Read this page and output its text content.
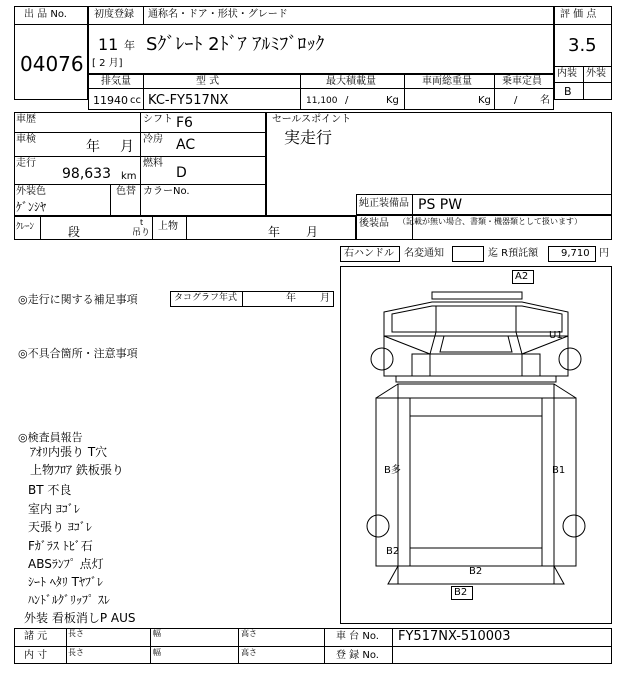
出 品 No.
04076
初度登録 通称名・ドア・形状・グレード
11 年
[ 2 月]
Sｸﾞﾚｰﾄ 2ﾄﾞｱ ｱﾙﾐﾌﾞﾛｯｸ
評 価 点
3.5
内装 外装
B
排気量	型 式	最大積載量	車両総重量	乗車定員
11940 cc KC-FY517NX	11,100 /	Kg	Kg / 名
車歴
車検	年 月
走行
98,633 km
シフト F6
冷房 AC
燃料
D
外装色
ｹﾞﾝｼﾔ
色替 カラーNo.
セールスポイント
実走行
純正装備品 PS PW
後装品 （記載が無い場合、書類・機器類として扱います）
ｸﾚｰﾝ	段
t
吊り
上物	年 月
右ハンドル 名変通知	迄 R預託額 9,710 円
◎走行に関する補足事項	タコグラフ年式	年 月
◎不具合箇所・注意事項
◎検査員報告
ｱｵﾘ内張り T穴
上物ﾌﾛｱ 鉄板張り
BT 不良
室内 ﾖｺﾞﾚ
天張り ﾖｺﾞﾚ
Fｶﾞﾗｽ ﾄﾋﾞ石
ABSﾗﾝﾌﾟ 点灯
ｼｰﾄ ﾍﾀﾘ Tﾔﾌﾞﾚ
ﾊﾝﾄﾞﾙｸﾞﾘｯﾌﾟ ｽﾚ
外装 看板消しP AUS
A2
U1
B多	B1
B2
B2
B2
諸 元
内 寸
長さ	幅	高さ
長さ	幅	高さ
車 台 No. FY517NX-510003
登 録 No.
